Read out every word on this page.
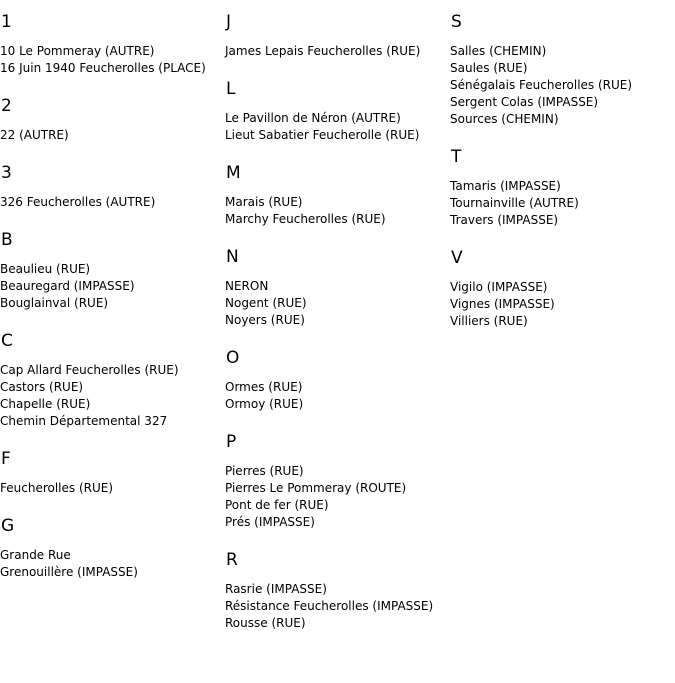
1
10 Le Pommeray (AUTRE)
16 Juin 1940 Feucherolles (PLACE)
2
22 (AUTRE)
3
326 Feucherolles (AUTRE)
B
Beaulieu (RUE)
Beauregard (IMPASSE)
Bouglainval (RUE)
C
Cap Allard Feucherolles (RUE)
Castors (RUE)
Chapelle (RUE)
Chemin Départemental 327
F
Feucherolles (RUE)
G
Grande Rue
Grenouillère (IMPASSE)
J
James Lepais Feucherolles (RUE)
L
Le Pavillon de Néron (AUTRE)
Lieut Sabatier Feucherolle (RUE)
M
Marais (RUE)
Marchy Feucherolles (RUE)
N
NERON
Nogent (RUE)
Noyers (RUE)
O
Ormes (RUE)
Ormoy (RUE)
P
Pierres (RUE)
Pierres Le Pommeray (ROUTE)
Pont de fer (RUE)
Prés (IMPASSE)
R
Rasrie (IMPASSE)
Résistance Feucherolles (IMPASSE)
Rousse (RUE)
S
Salles (CHEMIN)
Saules (RUE)
Sénégalais Feucherolles (RUE)
Sergent Colas (IMPASSE)
Sources (CHEMIN)
T
Tamaris (IMPASSE)
Tournainville (AUTRE)
Travers (IMPASSE)
V
Vigilo (IMPASSE)
Vignes (IMPASSE)
Villiers (RUE)
